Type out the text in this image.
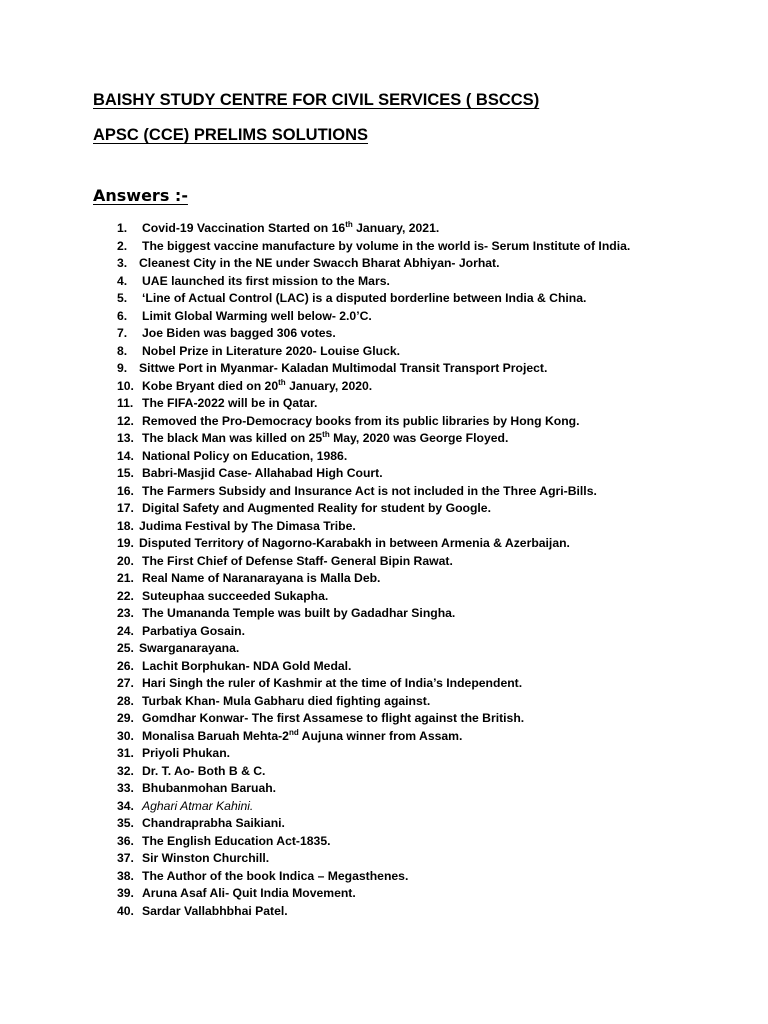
BAISHY STUDY CENTRE FOR CIVIL SERVICES ( BSCCS)
APSC (CCE) PRELIMS SOLUTIONS
Answers :-
1.	Covid-19 Vaccination Started on 16th January, 2021.
2.	The biggest vaccine manufacture by volume in the world is- Serum Institute of India.
3. Cleanest City in the NE under Swacch Bharat Abhiyan- Jorhat.
4.	UAE launched its first mission to the Mars.
5.	‘Line of Actual Control (LAC) is a disputed borderline between India & China.
6.	Limit Global Warming well below- 2.0’C.
7.	Joe Biden was bagged 306 votes.
8.	Nobel Prize in Literature 2020- Louise Gluck.
9. Sittwe Port in Myanmar- Kaladan Multimodal Transit Transport Project.
10. Kobe Bryant died on 20th January, 2020.
11. The FIFA-2022 will be in Qatar.
12. Removed the Pro-Democracy books from its public libraries by Hong Kong.
13. The black Man was killed on 25th May, 2020 was George Floyed.
14. National Policy on Education, 1986.
15. Babri-Masjid Case- Allahabad High Court.
16. The Farmers Subsidy and Insurance Act is not included in the Three Agri-Bills.
17. Digital Safety and Augmented Reality for student by Google.
18. Judima Festival by The Dimasa Tribe.
19. Disputed Territory of Nagorno-Karabakh in between Armenia & Azerbaijan.
20. The First Chief of Defense Staff- General Bipin Rawat.
21. Real Name of Naranarayana is Malla Deb.
22. Suteuphaa succeeded Sukapha.
23. The Umananda Temple was built by Gadadhar Singha.
24. Parbatiya Gosain.
25. Swarganarayana.
26. Lachit Borphukan- NDA Gold Medal.
27. Hari Singh the ruler of Kashmir at the time of India’s Independent.
28. Turbak Khan- Mula Gabharu died fighting against.
29. Gomdhar Konwar- The first Assamese to flight against the British.
30. Monalisa Baruah Mehta-2nd Aujuna winner from Assam.
31. Priyoli Phukan.
32. Dr. T. Ao- Both B & C.
33. Bhubanmohan Baruah.
34. Aghari Atmar Kahini.
35. Chandraprabha Saikiani.
36. The English Education Act-1835.
37. Sir Winston Churchill.
38. The Author of the book Indica – Megasthenes.
39. Aruna Asaf Ali- Quit India Movement.
40. Sardar Vallabhbhai Patel.
